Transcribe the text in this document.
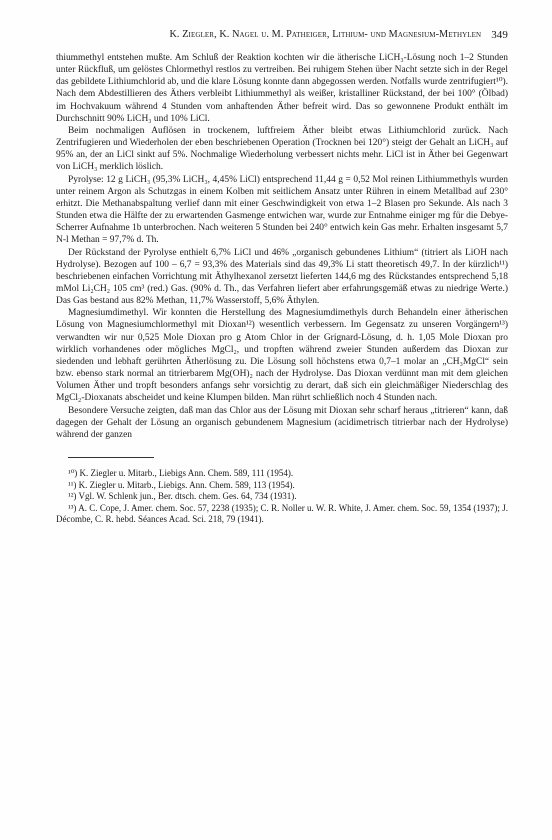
K. Ziegler, K. Nagel u. M. Patheiger, Lithium- und Magnesium-Methylen 349

thiummethyl entstehen mußte. Am Schluß der Reaktion kochten wir die ätherische LiCH₃-Lösung noch 1–2 Stunden unter Rückfluß, um gelöstes Chlormethyl restlos zu vertreiben. Bei ruhigem Stehen über Nacht setzte sich in der Regel das gebildete Lithiumchlorid ab, und die klare Lösung konnte dann abgegossen werden. Notfalls wurde zentrifugiert¹⁰). Nach dem Abdestillieren des Äthers verbleibt Lithiummethyl als weißer, kristalliner Rückstand, der bei 100° (Ölbad) im Hochvakuum während 4 Stunden vom anhaftenden Äther befreit wird. Das so gewonnene Produkt enthält im Durchschnitt 90% LiCH₃ und 10% LiCl.

Beim nochmaligen Auflösen in trockenem, luftfreiem Äther bleibt etwas Lithiumchlorid zurück. Nach Zentrifugieren und Wiederholen der eben beschriebenen Operation (Trocknen bei 120°) steigt der Gehalt an LiCH₃ auf 95% an, der an LiCl sinkt auf 5%. Nochmalige Wiederholung verbessert nichts mehr. LiCl ist in Äther bei Gegenwart von LiCH₃ merklich löslich.

Pyrolyse: 12 g LiCH₃ (95,3% LiCH₃, 4,45% LiCl) entsprechend 11,44 g = 0,52 Mol reinen Lithiummethyls wurden unter reinem Argon als Schutzgas in einem Kolben mit seitlichem Ansatz unter Rühren in einem Metallbad auf 230° erhitzt. Die Methanabspaltung verlief dann mit einer Geschwindigkeit von etwa 1–2 Blasen pro Sekunde. Als nach 3 Stunden etwa die Hälfte der zu erwartenden Gasmenge entwichen war, wurde zur Entnahme einiger mg für die Debye-Scherrer Aufnahme 1b unterbrochen. Nach weiteren 5 Stunden bei 240° entwich kein Gas mehr. Erhalten insgesamt 5,7 N-l Methan = 97,7% d. Th.

Der Rückstand der Pyrolyse enthielt 6,7% LiCl und 46% „organisch gebundenes Lithium“ (titriert als LiOH nach Hydrolyse). Bezogen auf 100 – 6,7 = 93,3% des Materials sind das 49,3% Li statt theoretisch 49,7. In der kürzlich¹¹) beschriebenen einfachen Vorrichtung mit Äthylhexanol zersetzt lieferten 144,6 mg des Rückstandes entsprechend 5,18 mMol Li₂CH₂ 105 cm³ (red.) Gas. (90% d. Th., das Verfahren liefert aber erfahrungsgemäß etwas zu niedrige Werte.) Das Gas bestand aus 82% Methan, 11,7% Wasserstoff, 5,6% Äthylen.

Magnesiumdimethyl. Wir konnten die Herstellung des Magnesiumdimethyls durch Behandeln einer ätherischen Lösung von Magnesiumchlormethyl mit Dioxan¹²) wesentlich verbessern. Im Gegensatz zu unseren Vorgängern¹³) verwandten wir nur 0,525 Mole Dioxan pro g Atom Chlor in der Grignard-Lösung, d. h. 1,05 Mole Dioxan pro wirklich vorhandenes oder mögliches MgCl₂, und tropften während zweier Stunden außerdem das Dioxan zur siedenden und lebhaft gerührten Ätherlösung zu. Die Lösung soll höchstens etwa 0,7–1 molar an „CH₃MgCl“ sein bzw. ebenso stark normal an titrierbarem Mg(OH)₂ nach der Hydrolyse. Das Dioxan verdünnt man mit dem gleichen Volumen Äther und tropft besonders anfangs sehr vorsichtig zu derart, daß sich ein gleichmäßiger Niederschlag des MgCl₂-Dioxanats abscheidet und keine Klumpen bilden. Man rührt schließlich noch 4 Stunden nach.

Besondere Versuche zeigten, daß man das Chlor aus der Lösung mit Dioxan sehr scharf heraus „titrieren“ kann, daß dagegen der Gehalt der Lösung an organisch gebundenem Magnesium (acidimetrisch titrierbar nach der Hydrolyse) während der ganzen

¹⁰) K. Ziegler u. Mitarb., Liebigs Ann. Chem. 589, 111 (1954).

¹¹) K. Ziegler u. Mitarb., Liebigs. Ann. Chem. 589, 113 (1954).

¹²) Vgl. W. Schlenk jun., Ber. dtsch. chem. Ges. 64, 734 (1931).

¹³) A. C. Cope, J. Amer. chem. Soc. 57, 2238 (1935); C. R. Noller u. W. R. White, J. Amer. chem. Soc. 59, 1354 (1937); J. Décombe, C. R. hebd. Séances Acad. Sci. 218, 79 (1941).
